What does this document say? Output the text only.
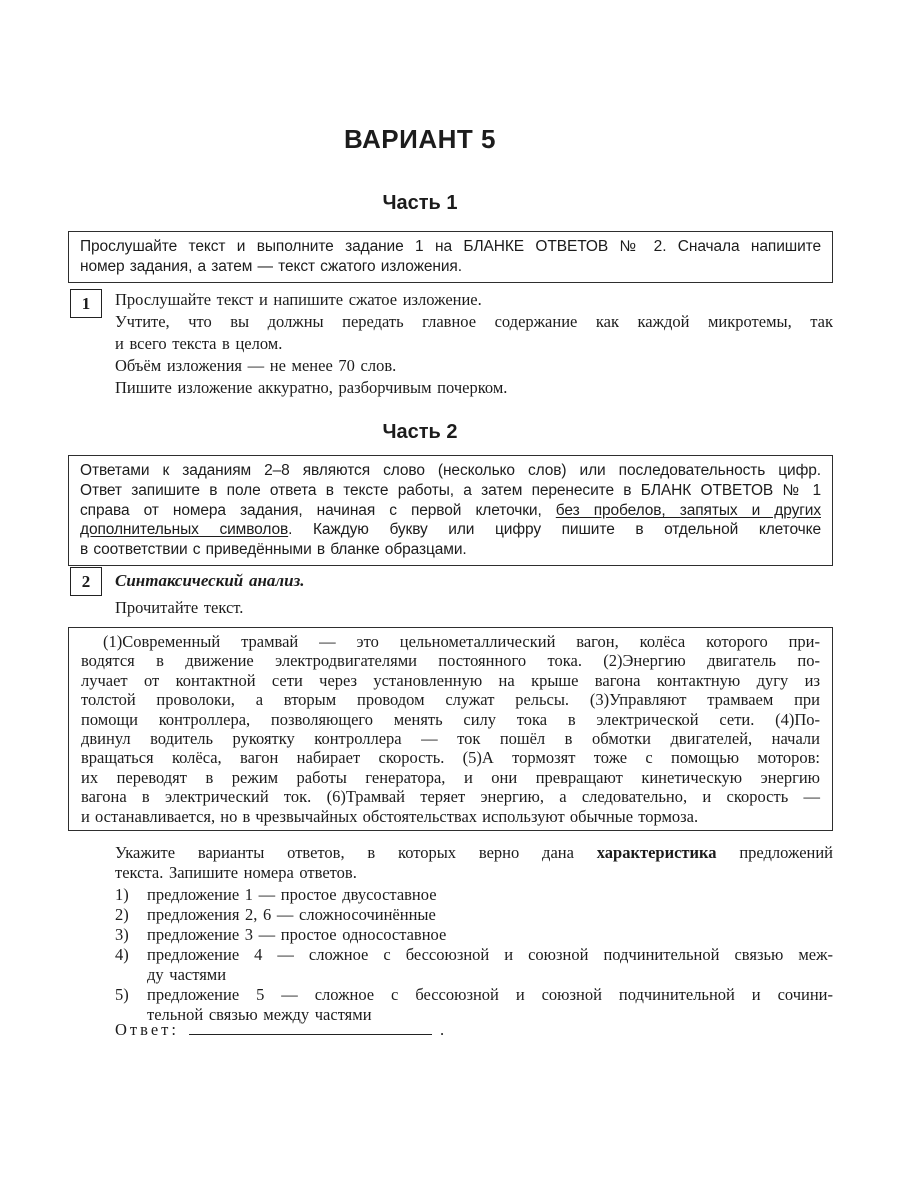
ВАРИАНТ 5
Часть 1
Прослушайте текст и выполните задание 1 на БЛАНКЕ ОТВЕТОВ № 2. Сначала напишите
номер задания, а затем — текст сжатого изложения.
1	Прослушайте текст и напишите сжатое изложение.
Учтите, что вы должны передать главное содержание как каждой микротемы, так
и всего текста в целом.
Объём изложения — не менее 70 слов.
Пишите изложение аккуратно, разборчивым почерком.
Часть 2
Ответами к заданиям 2–8 являются слово (несколько слов) или последовательность цифр.
Ответ запишите в поле ответа в тексте работы, а затем перенесите в БЛАНК ОТВЕТОВ № 1
справа от номера задания, начиная с первой клеточки, без пробелов, запятых и других
дополнительных символов. Каждую букву или цифру пишите в отдельной клеточке
в соответствии с приведёнными в бланке образцами.
2	Синтаксический анализ.
Прочитайте текст.
(1)Современный трамвай — это цельнометаллический вагон, колёса которого при-
водятся в движение электродвигателями постоянного тока. (2)Энергию двигатель по-
лучает от контактной сети через установленную на крыше вагона контактную дугу из
толстой проволоки, а вторым проводом служат рельсы. (3)Управляют трамваем при
помощи контроллера, позволяющего менять силу тока в электрической сети. (4)По-
двинул водитель рукоятку контроллера — ток пошёл в обмотки двигателей, начали
вращаться колёса, вагон набирает скорость. (5)А тормозят тоже с помощью моторов:
их переводят в режим работы генератора, и они превращают кинетическую энергию
вагона в электрический ток. (6)Трамвай теряет энергию, а следовательно, и скорость —
и останавливается, но в чрезвычайных обстоятельствах используют обычные тормоза.
Укажите варианты ответов, в которых верно дана характеристика предложений
текста. Запишите номера ответов.
1)	предложение 1 — простое двусоставное
2)	предложения 2, 6 — сложносочинённые
3)	предложение 3 — простое односоставное
4)	предложение 4 — сложное с бессоюзной и союзной подчинительной связью меж-
ду частями
5)	предложение 5 — сложное с бессоюзной и союзной подчинительной и сочини-
тельной связью между частями
Ответ:	.
